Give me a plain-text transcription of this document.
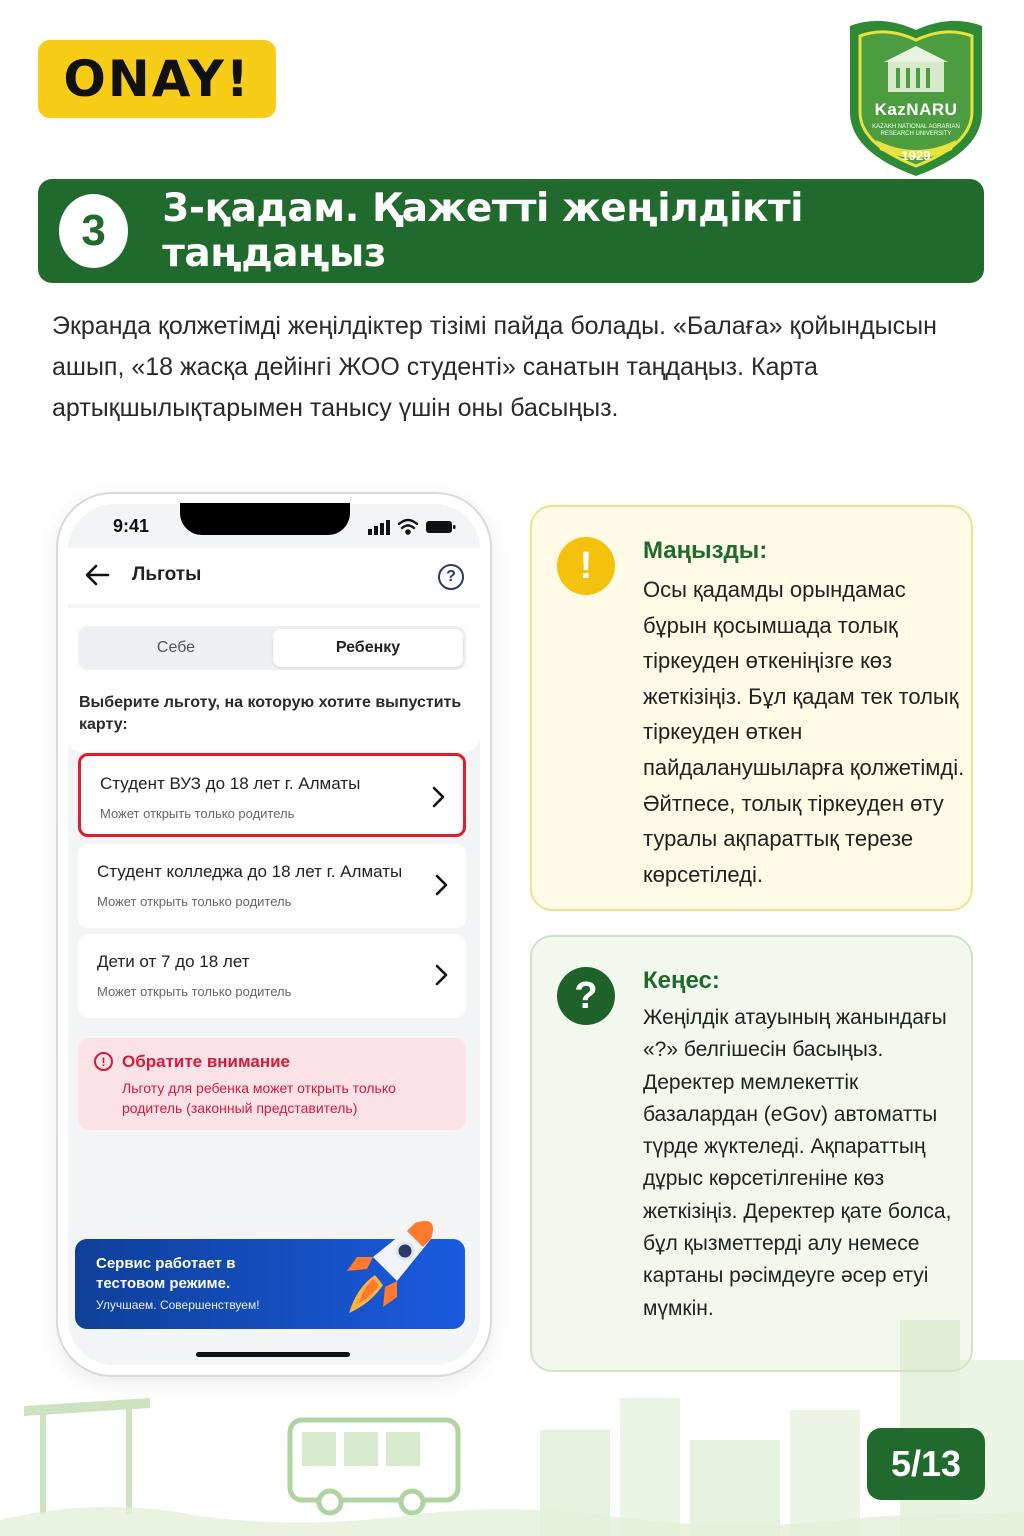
ONAY!
KazNARU
KAZAKH NATIONAL AGRARIAN RESEARCH UNIVERSITY
1929
3	3-қадам. Қажетті жеңілдікті таңдаңыз

Экранда қолжетімді жеңілдіктер тізімі пайда болады. «Балаға» қойындысын ашып, «18 жасқа дейінгі ЖОО студенті» санатын таңдаңыз. Карта артықшылықтарымен танысу үшін оны басыңыз.

9:41
Льготы	?
Себе	Ребенку
Выберите льготу, на которую хотите выпустить карту:
Студент ВУЗ до 18 лет г. Алматы
Может открыть только родитель
Студент колледжа до 18 лет г. Алматы
Может открыть только родитель
Дети от 7 до 18 лет
Может открыть только родитель
! Обратите внимание
Льготу для ребенка может открыть только родитель (законный представитель)
Сервис работает в тестовом режиме.
Улучшаем. Совершенствуем!
!	Маңызды:
Осы қадамды орындамас бұрын қосымшада толық тіркеуден өткеніңізге көз жеткізіңіз. Бұл қадам тек толық тіркеуден өткен пайдаланушыларға қолжетімді. Әйтпесе, толық тіркеуден өту туралы ақпараттық терезе көрсетіледі.
?	Кеңес:
Жеңілдік атауының жанындағы «?» белгішесін басыңыз. Деректер мемлекеттік базалардан (eGov) автоматты түрде жүктеледі. Ақпараттың дұрыс көрсетілгеніне көз жеткізіңіз. Деректер қате болса, бұл қызметтерді алу немесе картаны рәсімдеуге әсер етуі мүмкін.
5/13
